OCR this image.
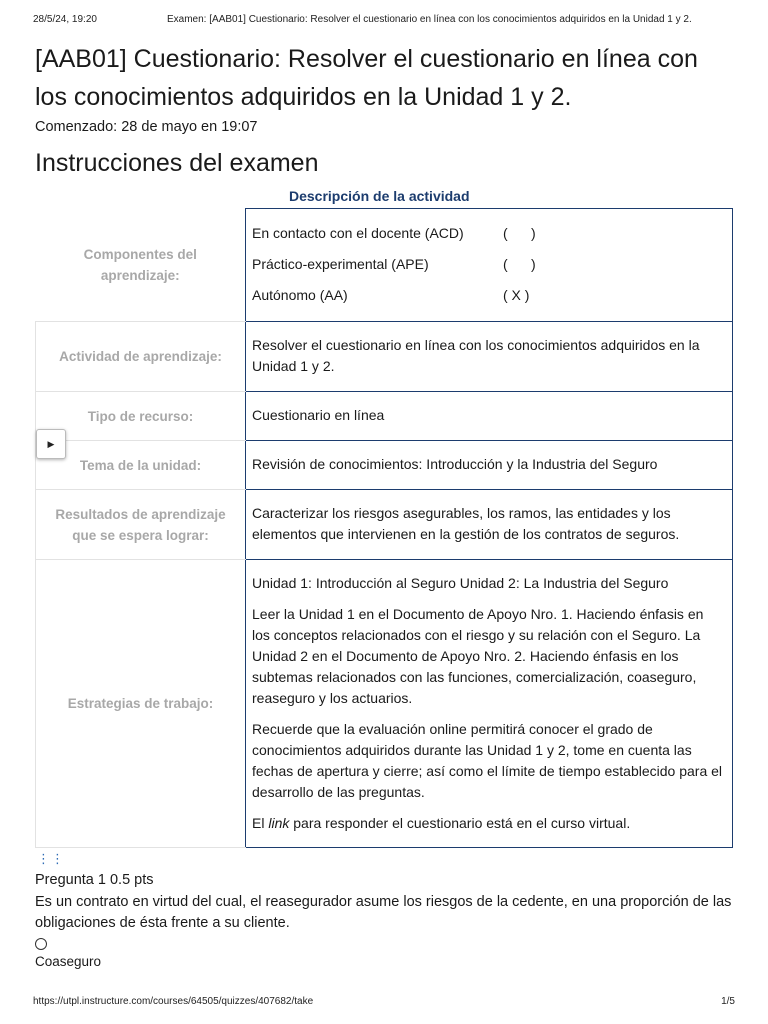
28/5/24, 19:20	Examen: [AAB01] Cuestionario: Resolver el cuestionario en línea con los conocimientos adquiridos en la Unidad 1 y 2.
[AAB01] Cuestionario: Resolver el cuestionario en línea con los conocimientos adquiridos en la Unidad 1 y 2.
Comenzado: 28 de mayo en 19:07
Instrucciones del examen
Descripción de la actividad
Componentes del aprendizaje:	En contacto con el docente (ACD) (      )
Práctico-experimental (APE) (      )
Autónomo (AA) ( X )

Actividad de aprendizaje:	Resolver el cuestionario en línea con los conocimientos adquiridos en la Unidad 1 y 2.
Tipo de recurso:	Cuestionario en línea
Tema de la unidad:	Revisión de conocimientos: Introducción y la Industria del Seguro
Resultados de aprendizaje que se espera lograr:	Caracterizar los riesgos asegurables, los ramos, las entidades y los elementos que intervienen en la gestión de los contratos de seguros.
Estrategias de trabajo:	Unidad 1: Introducción al Seguro Unidad 2: La Industria del Seguro

Leer la Unidad 1 en el Documento de Apoyo Nro. 1. Haciendo énfasis en los conceptos relacionados con el riesgo y su relación con el Seguro. La Unidad 2 en el Documento de Apoyo Nro. 2. Haciendo énfasis en los subtemas relacionados con las funciones, comercialización, coaseguro, reaseguro y los actuarios.

Recuerde que la evaluación online permitirá conocer el grado de conocimientos adquiridos durante las Unidad 1 y 2, tome en cuenta las fechas de apertura y cierre; así como el límite de tiempo establecido para el desarrollo de las preguntas.

El link para responder el cuestionario está en el curso virtual.

▶
⋮⋮
Pregunta 1 0.5 pts

Es un contrato en virtud del cual, el reasegurador asume los riesgos de la cedente, en una proporción de las obligaciones de ésta frente a su cliente.

Coaseguro
https://utpl.instructure.com/courses/64505/quizzes/407682/take	1/5
